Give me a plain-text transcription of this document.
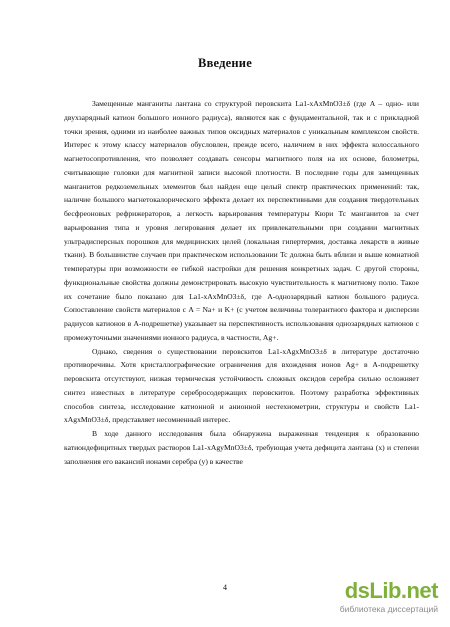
Введение

Замещенные манганиты лантана со структурой перовскита La1-xAxMnO3±δ (где A – одно- или двухзарядный катион большого ионного радиуса), являются как с фундаментальной, так и с прикладной точки зрения, одними из наиболее важных типов оксидных материалов с уникальным комплексом свойств. Интерес к этому классу материалов обусловлен, прежде всего, наличием в них эффекта колоссального магнетосопротивления, что позволяет создавать сенсоры магнитного поля на их основе, болометры, считывающие головки для магнитной записи высокой плотности. В последние годы для замещенных манганитов редкоземельных элементов был найден еще целый спектр практических применений: так, наличие большого магнетокалорического эффекта делает их перспективными для создания твердотельных бесфреоновых рефрижераторов, а легкость варьирования температуры Кюри Tc манганитов за счет варьирования типа и уровня легирования делает их привлекательными при создании магнитных ультрадисперсных порошков для медицинских целей (локальная гипертермия, доставка лекарств в живые ткани). В большинстве случаев при практическом использовании Tc должна быть вблизи и выше комнатной температуры при возможности ее гибкой настройки для решения конкретных задач. С другой стороны, функциональные свойства должны демонстрировать высокую чувствительность к магнитному полю. Такое их сочетание было показано для La1-xAxMnO3±δ, где A-однозарядный катион большого радиуса. Сопоставление свойств материалов с A = Na+ и K+ (с учетом величины толерантного фактора и дисперсии радиусов катионов в A-подрешетке) указывает на перспективность использования однозарядных катионов с промежуточными значениями ионного радиуса, в частности, Ag+.

Однако, сведения о существовании перовскитов La1-xAgxMnO3±δ в литературе достаточно противоречивы. Хотя кристаллографические ограничения для вхождения ионов Ag+ в A-подрешетку перовскита отсутствуют, низкая термическая устойчивость сложных оксидов серебра сильно осложняет синтез известных в литературе серебросодержащих перовскитов. Поэтому разработка эффективных способов синтеза, исследование катионной и анионной нестехиометрии, структуры и свойств La1-xAgxMnO3±δ, представляет несомненный интерес.

В ходе данного исследования была обнаружена выраженная тенденция к образованию катиондефицитных твердых растворов La1-xAgyMnO3±δ, требующая учета дефицита лантана (x) и степени заполнения его вакансий ионами серебра (y) в качестве

4	dsLib.net
библиотека диссертаций
